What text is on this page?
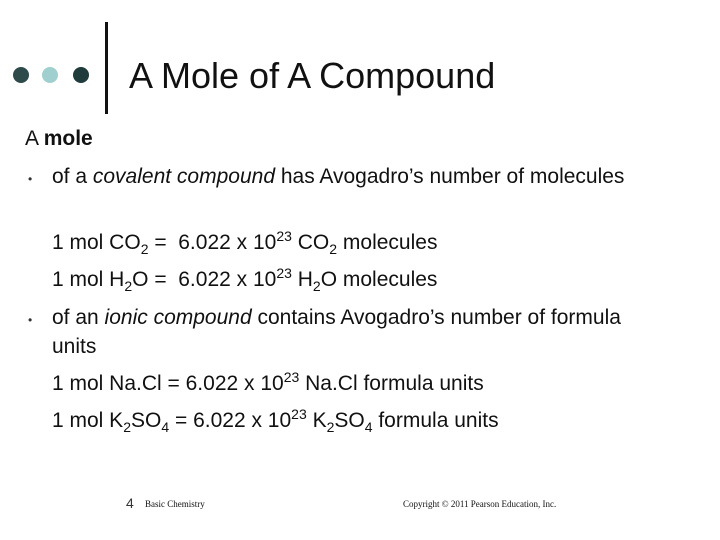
A Mole of A Compound
A mole
• of a covalent compound has Avogadro’s number of molecules
1 mol $CO_2 = 6.022$ x $10^{23}$ $CO_2$ molecules
1 mol $H_2O = 6.022$ x $10^{23}$ $H_2O$ molecules
• of an ionic compound contains Avogadro’s number of formula units
1 mol Na.Cl = 6.022 x $10^{23}$ Na.Cl formula units
1 mol $K_2SO_4 = 6.022$ x $10^{23}$ $K_2SO_4$ formula units
4 Basic Chemistry	Copyright © 2011 Pearson Education, Inc.
